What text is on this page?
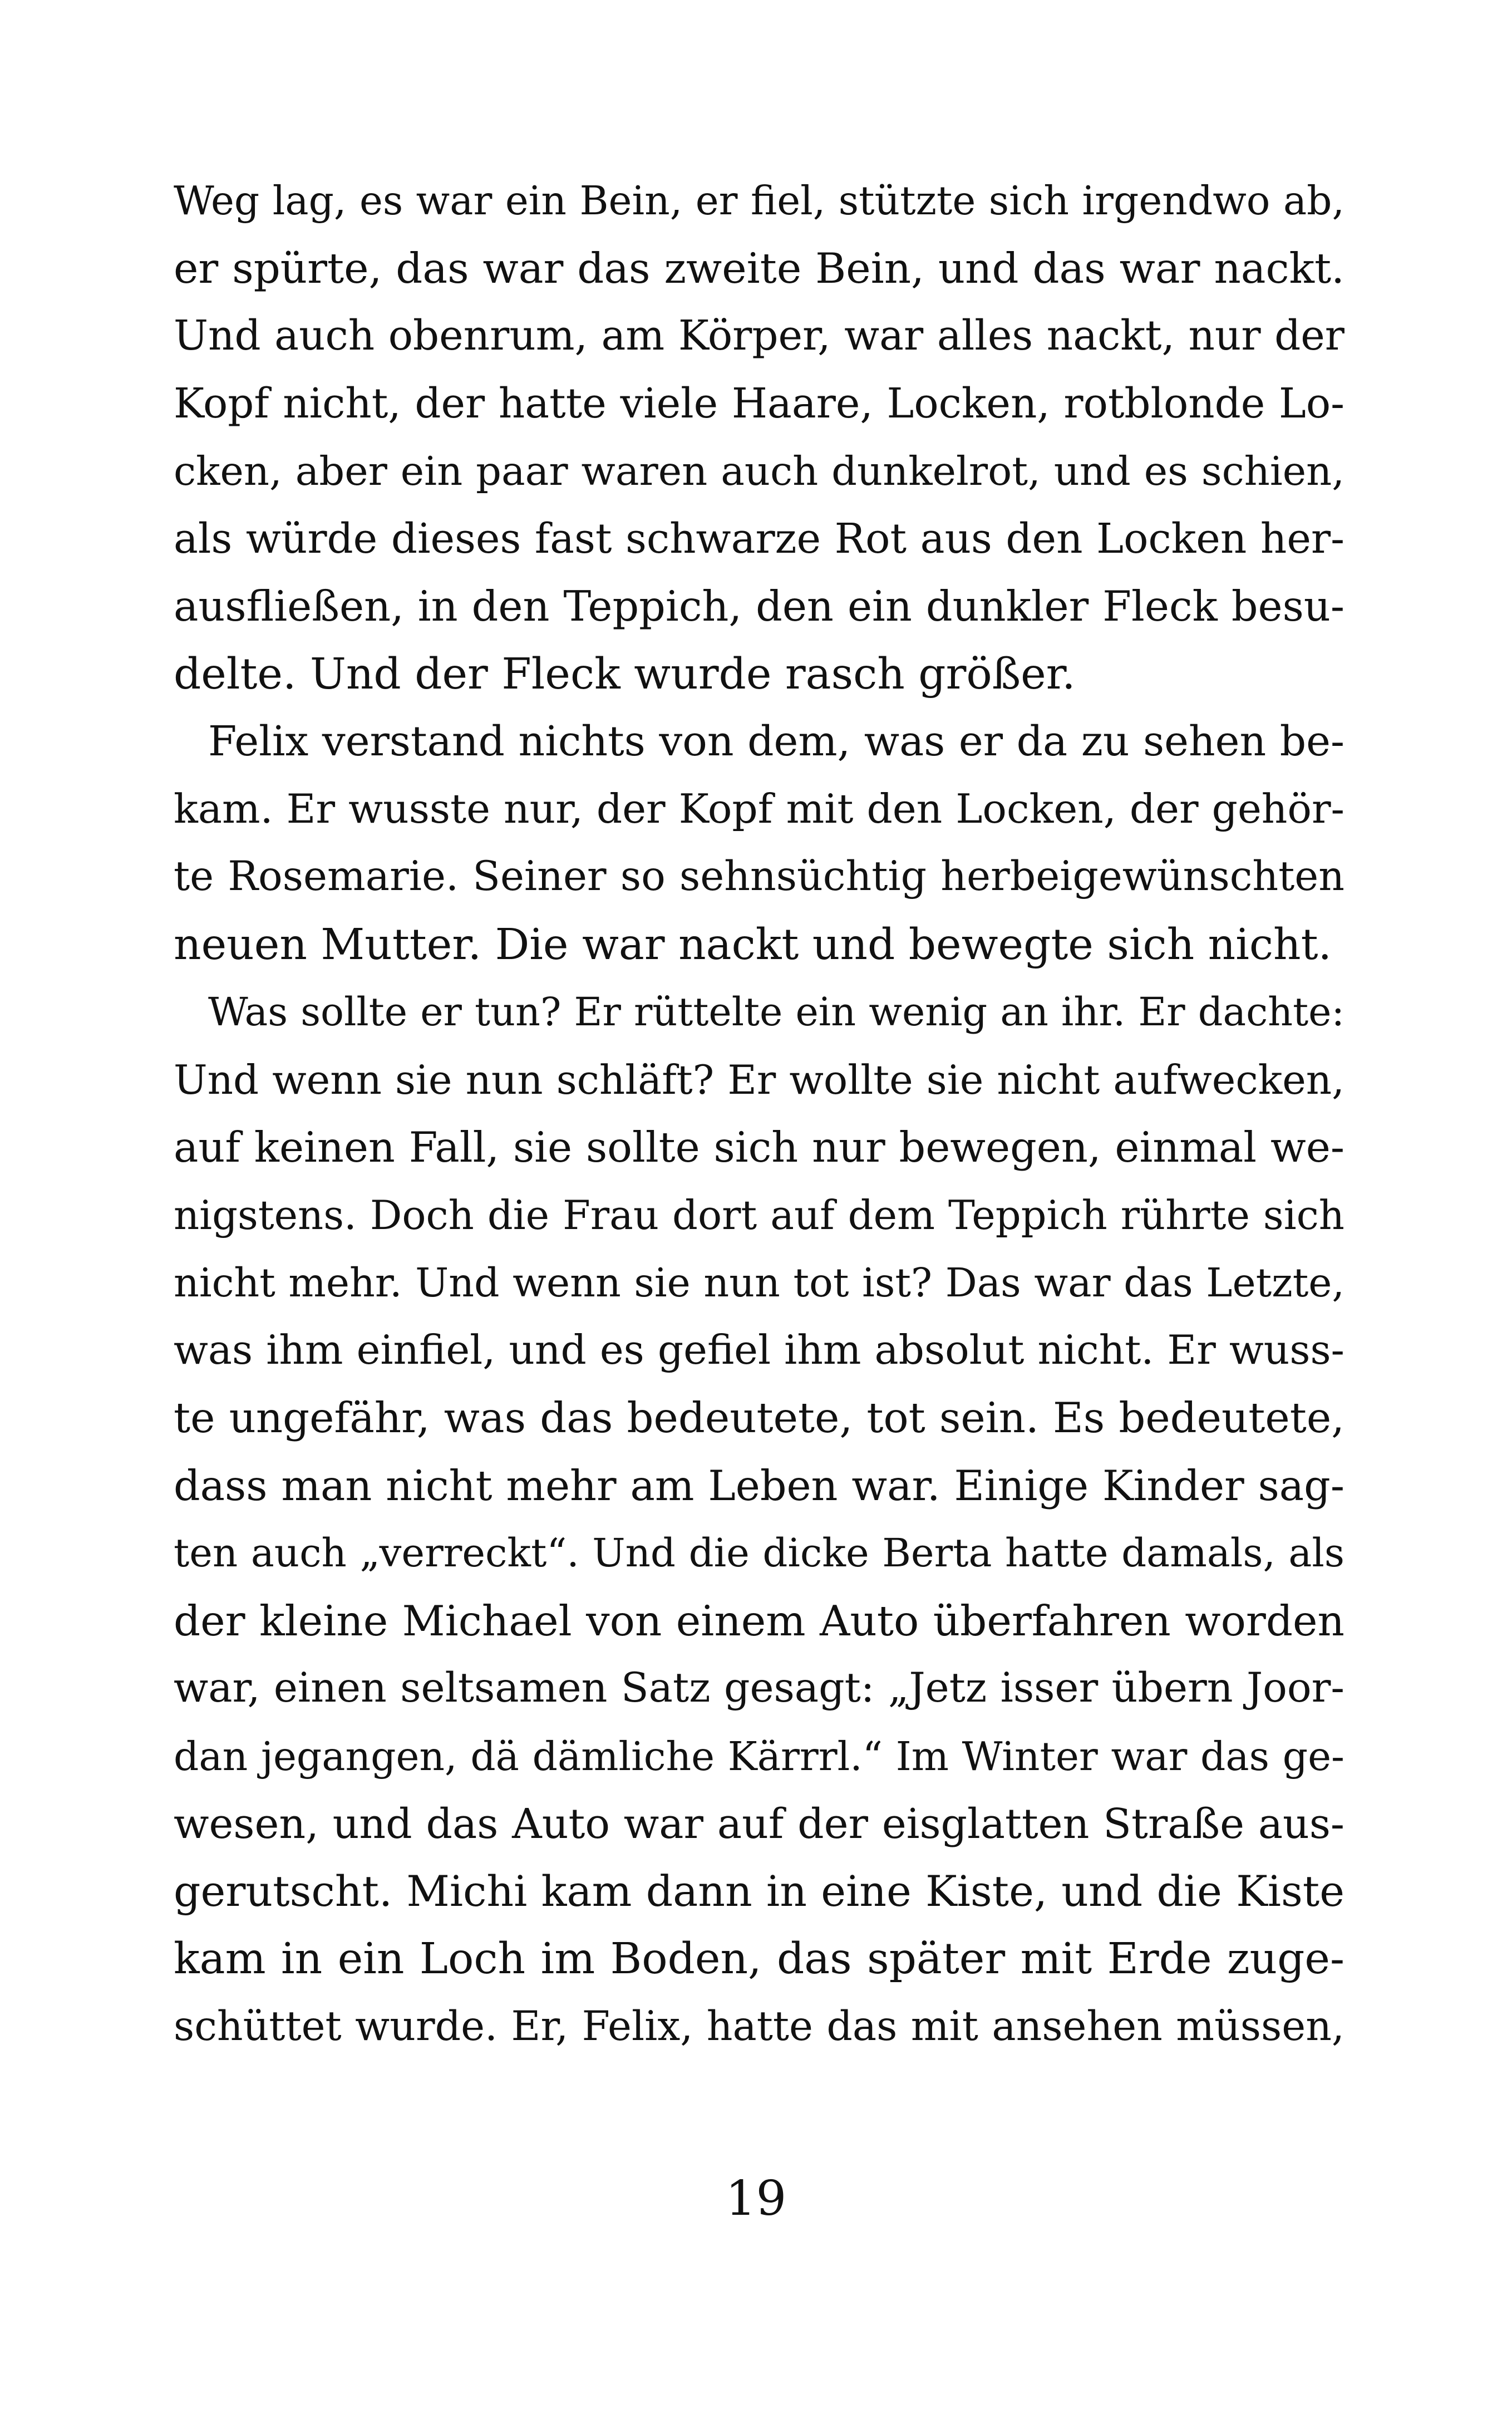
Weg lag, es war ein Bein, er fiel, stützte sich irgendwo ab,
er spürte, das war das zweite Bein, und das war nackt.
Und auch obenrum, am Körper, war alles nackt, nur der
Kopf nicht, der hatte viele Haare, Locken, rotblonde Lo-
cken, aber ein paar waren auch dunkelrot, und es schien,
als würde dieses fast schwarze Rot aus den Locken her-
ausfließen, in den Teppich, den ein dunkler Fleck besu-
delte. Und der Fleck wurde rasch größer.
Felix verstand nichts von dem, was er da zu sehen be-
kam. Er wusste nur, der Kopf mit den Locken, der gehör-
te Rosemarie. Seiner so sehnsüchtig herbeigewünschten
neuen Mutter. Die war nackt und bewegte sich nicht.
Was sollte er tun? Er rüttelte ein wenig an ihr. Er dachte:
Und wenn sie nun schläft? Er wollte sie nicht aufwecken,
auf keinen Fall, sie sollte sich nur bewegen, einmal we-
nigstens. Doch die Frau dort auf dem Teppich rührte sich
nicht mehr. Und wenn sie nun tot ist? Das war das Letzte,
was ihm einfiel, und es gefiel ihm absolut nicht. Er wuss-
te ungefähr, was das bedeutete, tot sein. Es bedeutete,
dass man nicht mehr am Leben war. Einige Kinder sag-
ten auch „verreckt“. Und die dicke Berta hatte damals, als
der kleine Michael von einem Auto überfahren worden
war, einen seltsamen Satz gesagt: „Jetz isser übern Joor-
dan jegangen, dä dämliche Kärrrl.“ Im Winter war das ge-
wesen, und das Auto war auf der eisglatten Straße aus-
gerutscht. Michi kam dann in eine Kiste, und die Kiste
kam in ein Loch im Boden, das später mit Erde zuge-
schüttet wurde. Er, Felix, hatte das mit ansehen müssen,
19
